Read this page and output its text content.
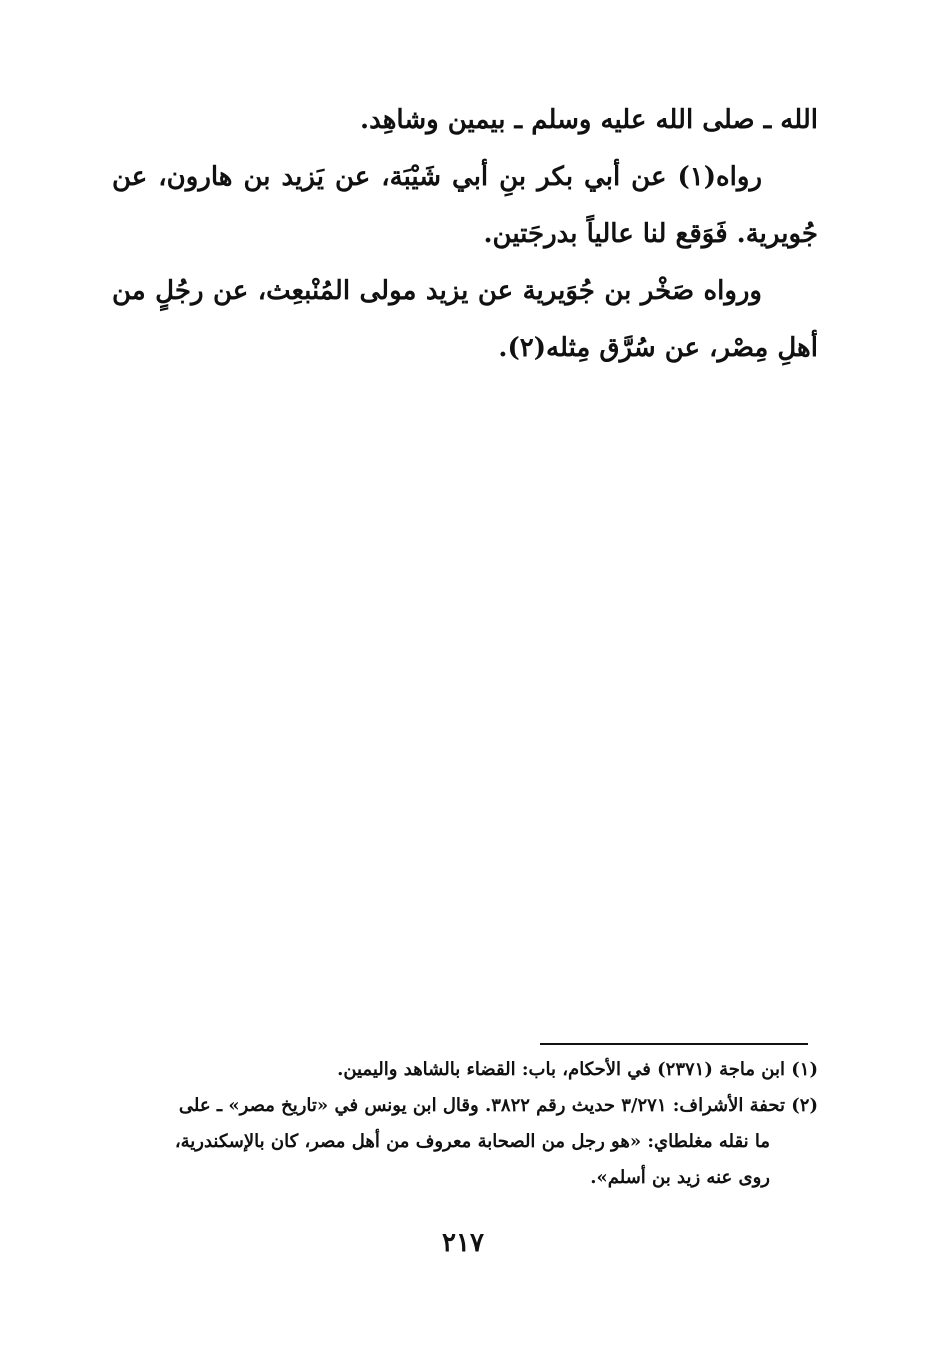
الله ـ صلى الله عليه وسلم ـ بيمين وشاهِد.

رواه(١) عن أبي بكر بنِ أبي شَيْبَة، عن يَزيد بن هارون، عن جُويرية. فَوَقع لنا عالياً بدرجَتين.

ورواه صَخْر بن جُوَيرية عن يزيد مولى المُنْبعِث، عن رجُلٍ من أهلِ مِصْر، عن سُرَّق مِثله(٢).

(١) ابن ماجة (٢٣٧١) في الأحكام، باب: القضاء بالشاهد واليمين.

(٢) تحفة الأشراف: ٣/٢٧١ حديث رقم ٣٨٢٢. وقال ابن يونس في «تاريخ مصر» ـ على

ما نقله مغلطاي: «هو رجل من الصحابة معروف من أهل مصر، كان بالإسكندرية،

روى عنه زيد بن أسلم».

٢١٧
